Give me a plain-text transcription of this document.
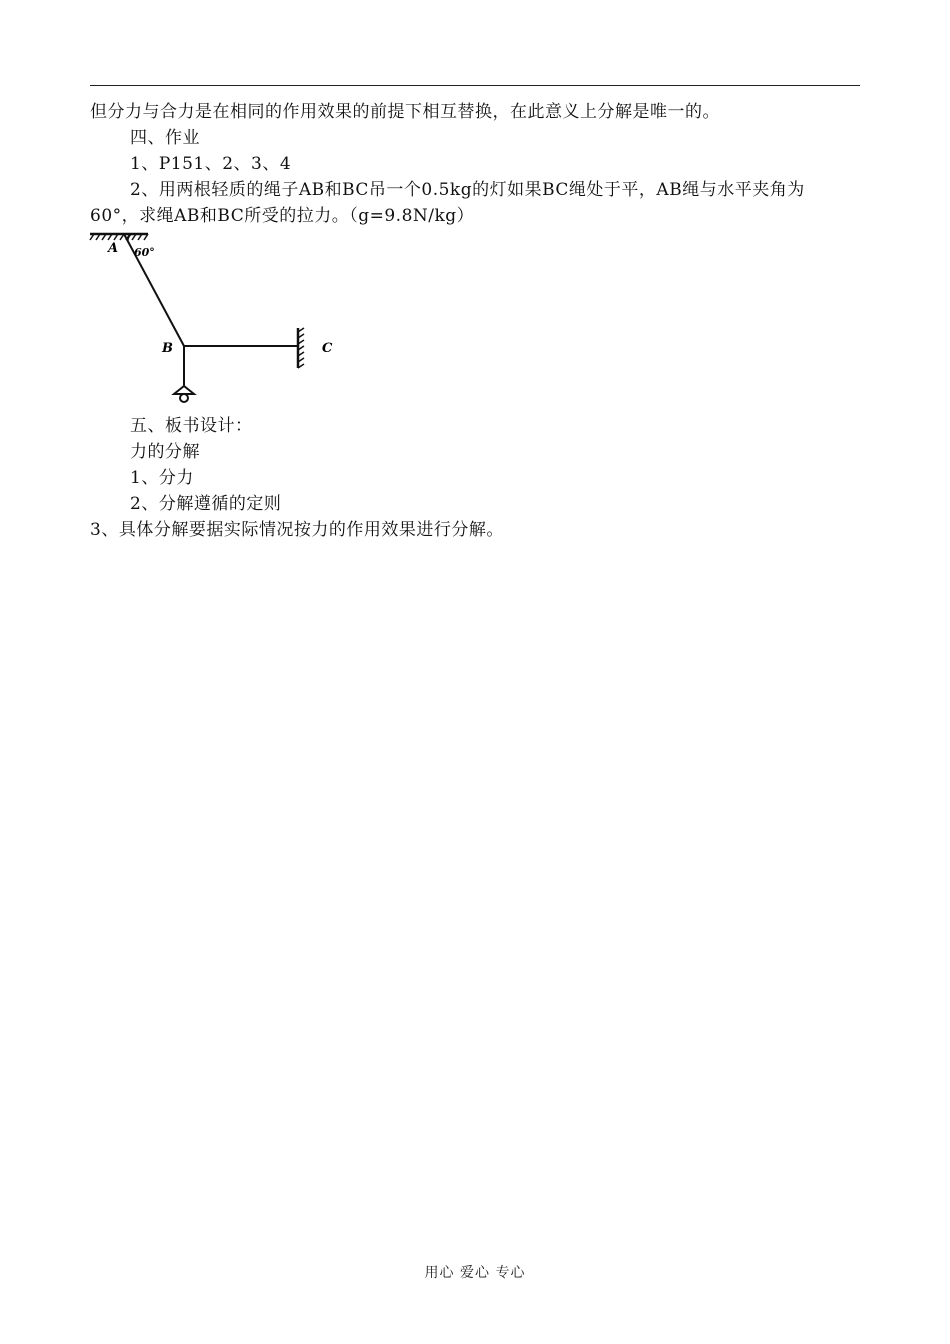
但分力与合力是在相同的作用效果的前提下相互替换，在此意义上分解是唯一的。
四、作业
1、P151、2、3、4
2、用两根轻质的绳子AB和BC吊一个0.5kg的灯如果BC绳处于平，AB绳与水平夹角为
60°，求绳AB和BC所受的拉力。（g=9.8N/kg）
A 60°
B	C
五、板书设计：
力的分解
1、分力
2、分解遵循的定则
3、具体分解要据实际情况按力的作用效果进行分解。
用心 爱心 专心
